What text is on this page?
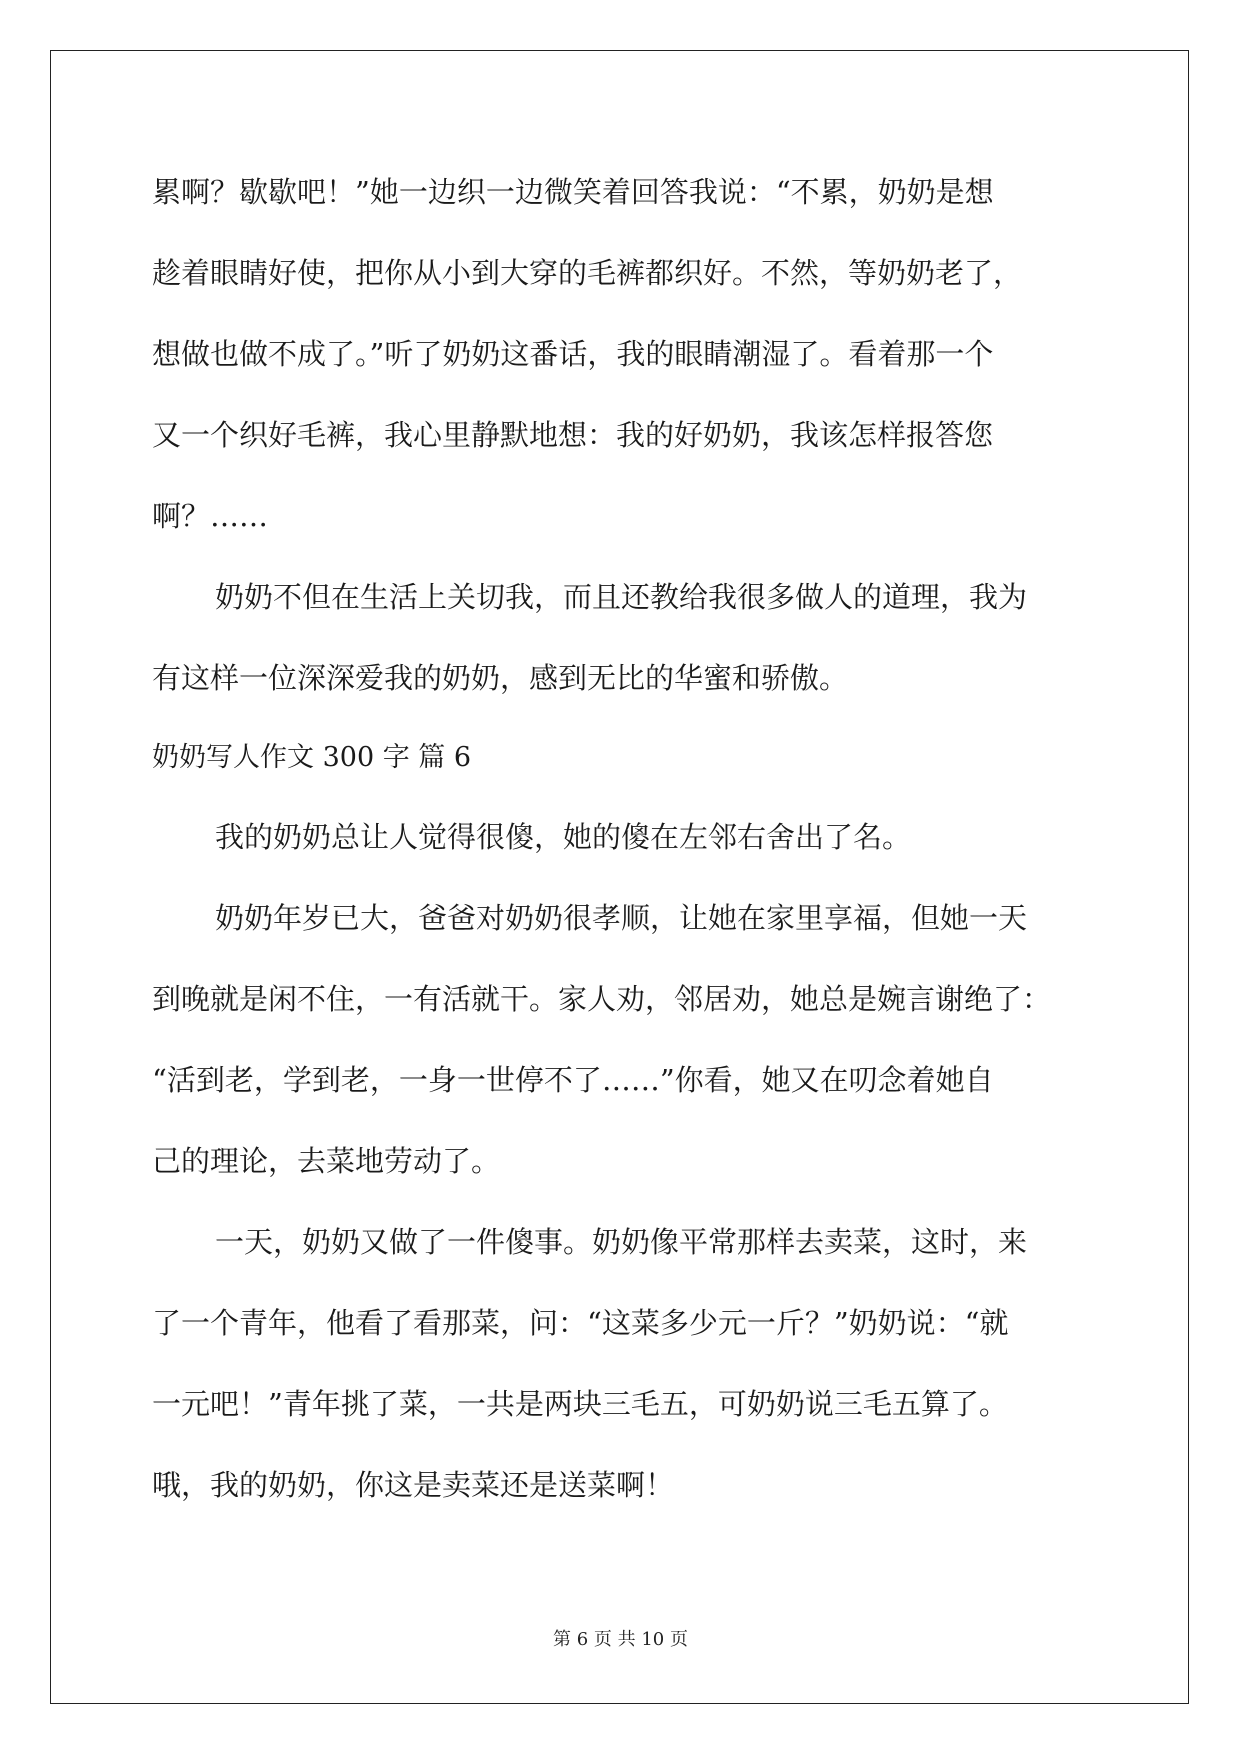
累啊？歇歇吧！”她一边织一边微笑着回答我说：“不累，奶奶是想
趁着眼睛好使，把你从小到大穿的毛裤都织好。不然，等奶奶老了，
想做也做不成了。”听了奶奶这番话，我的眼睛潮湿了。看着那一个
又一个织好毛裤，我心里静默地想：我的好奶奶，我该怎样报答您
啊？……
奶奶不但在生活上关切我，而且还教给我很多做人的道理，我为
有这样一位深深爱我的奶奶，感到无比的华蜜和骄傲。
奶奶写人作文 300 字 篇 6
我的奶奶总让人觉得很傻，她的傻在左邻右舍出了名。
奶奶年岁已大，爸爸对奶奶很孝顺，让她在家里享福，但她一天
到晚就是闲不住，一有活就干。家人劝，邻居劝，她总是婉言谢绝了：
“活到老，学到老，一身一世停不了……”你看，她又在叨念着她自
己的理论，去菜地劳动了。
一天，奶奶又做了一件傻事。奶奶像平常那样去卖菜，这时，来
了一个青年，他看了看那菜，问：“这菜多少元一斤？”奶奶说：“就
一元吧！”青年挑了菜，一共是两块三毛五，可奶奶说三毛五算了。
哦，我的奶奶，你这是卖菜还是送菜啊！
第 6 页 共 10 页
